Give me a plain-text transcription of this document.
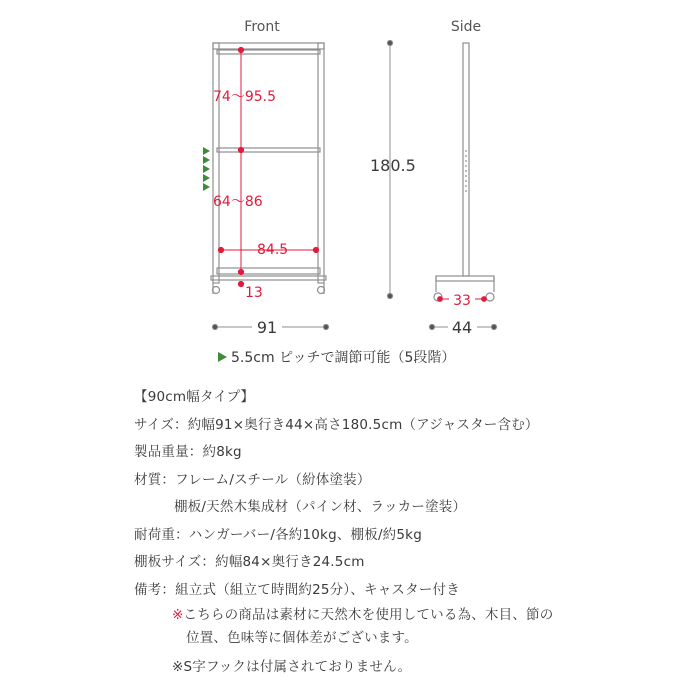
Front	Side
74〜95.5
64〜86
84.5
13
180.5
91
33
44
5.5cm ピッチで調節可能（5段階）
【90cm幅タイプ】
サイズ：約幅91×奥行き44×高さ180.5cm（アジャスター含む）
製品重量：約8kg
材質：フレーム/スチール（紛体塗装）
棚板/天然木集成材（パイン材、ラッカー塗装）
耐荷重：ハンガーバー/各約10kg、棚板/約5kg
棚板サイズ：約幅84×奥行き24.5cm
備考：組立式（組立て時間約25分）、キャスター付き
※こちらの商品は素材に天然木を使用している為、木目、節の
位置、色味等に個体差がございます。
※S字フックは付属されておりません。
